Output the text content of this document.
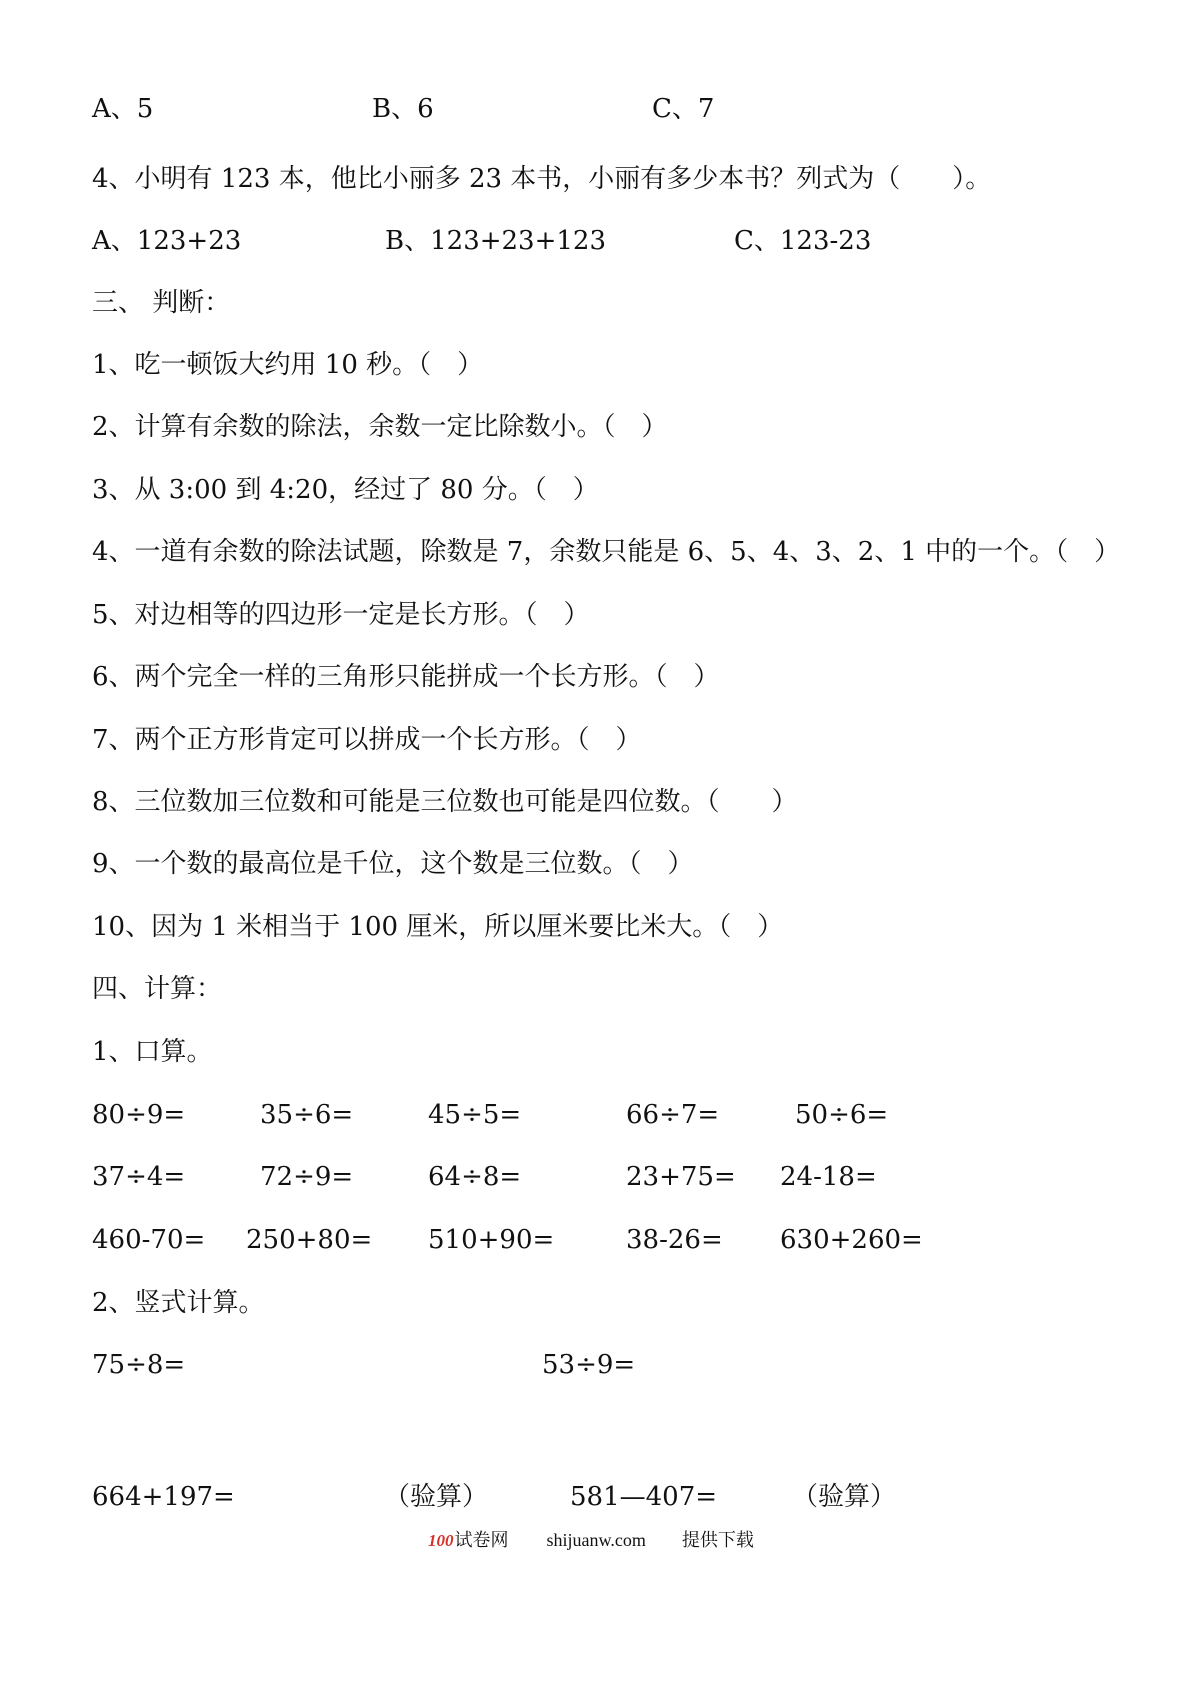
A、5	B、6	C、7
4、小明有 123 本，他比小丽多 23 本书，小丽有多少本书？列式为（　　）。
A、123+23	B、123+23+123	C、123-23
三、 判断：
1、吃一顿饭大约用 10 秒。（　）
2、计算有余数的除法，余数一定比除数小。（　）
3、从 3:00 到 4:20，经过了 80 分。（　）
4、一道有余数的除法试题，除数是 7，余数只能是 6、5、4、3、2、1 中的一个。（　）
5、对边相等的四边形一定是长方形。（　）
6、两个完全一样的三角形只能拼成一个长方形。（　）
7、两个正方形肯定可以拼成一个长方形。（　）
8、三位数加三位数和可能是三位数也可能是四位数。（　　）
9、一个数的最高位是千位，这个数是三位数。（　）
10、因为 1 米相当于 100 厘米，所以厘米要比米大。（　）
四、计算：
1、口算。
80÷9=	35÷6=	45÷5=	66÷7=	50÷6=
37÷4=	72÷9=	64÷8=	23+75= 24-18=
460-70= 250+80= 510+90=	38-26= 630+260=
2、竖式计算。
75÷8=	53÷9=
664+197=	（验算）	581—407=	（验算）
100 试卷网 shijuanw.com 提供下载
